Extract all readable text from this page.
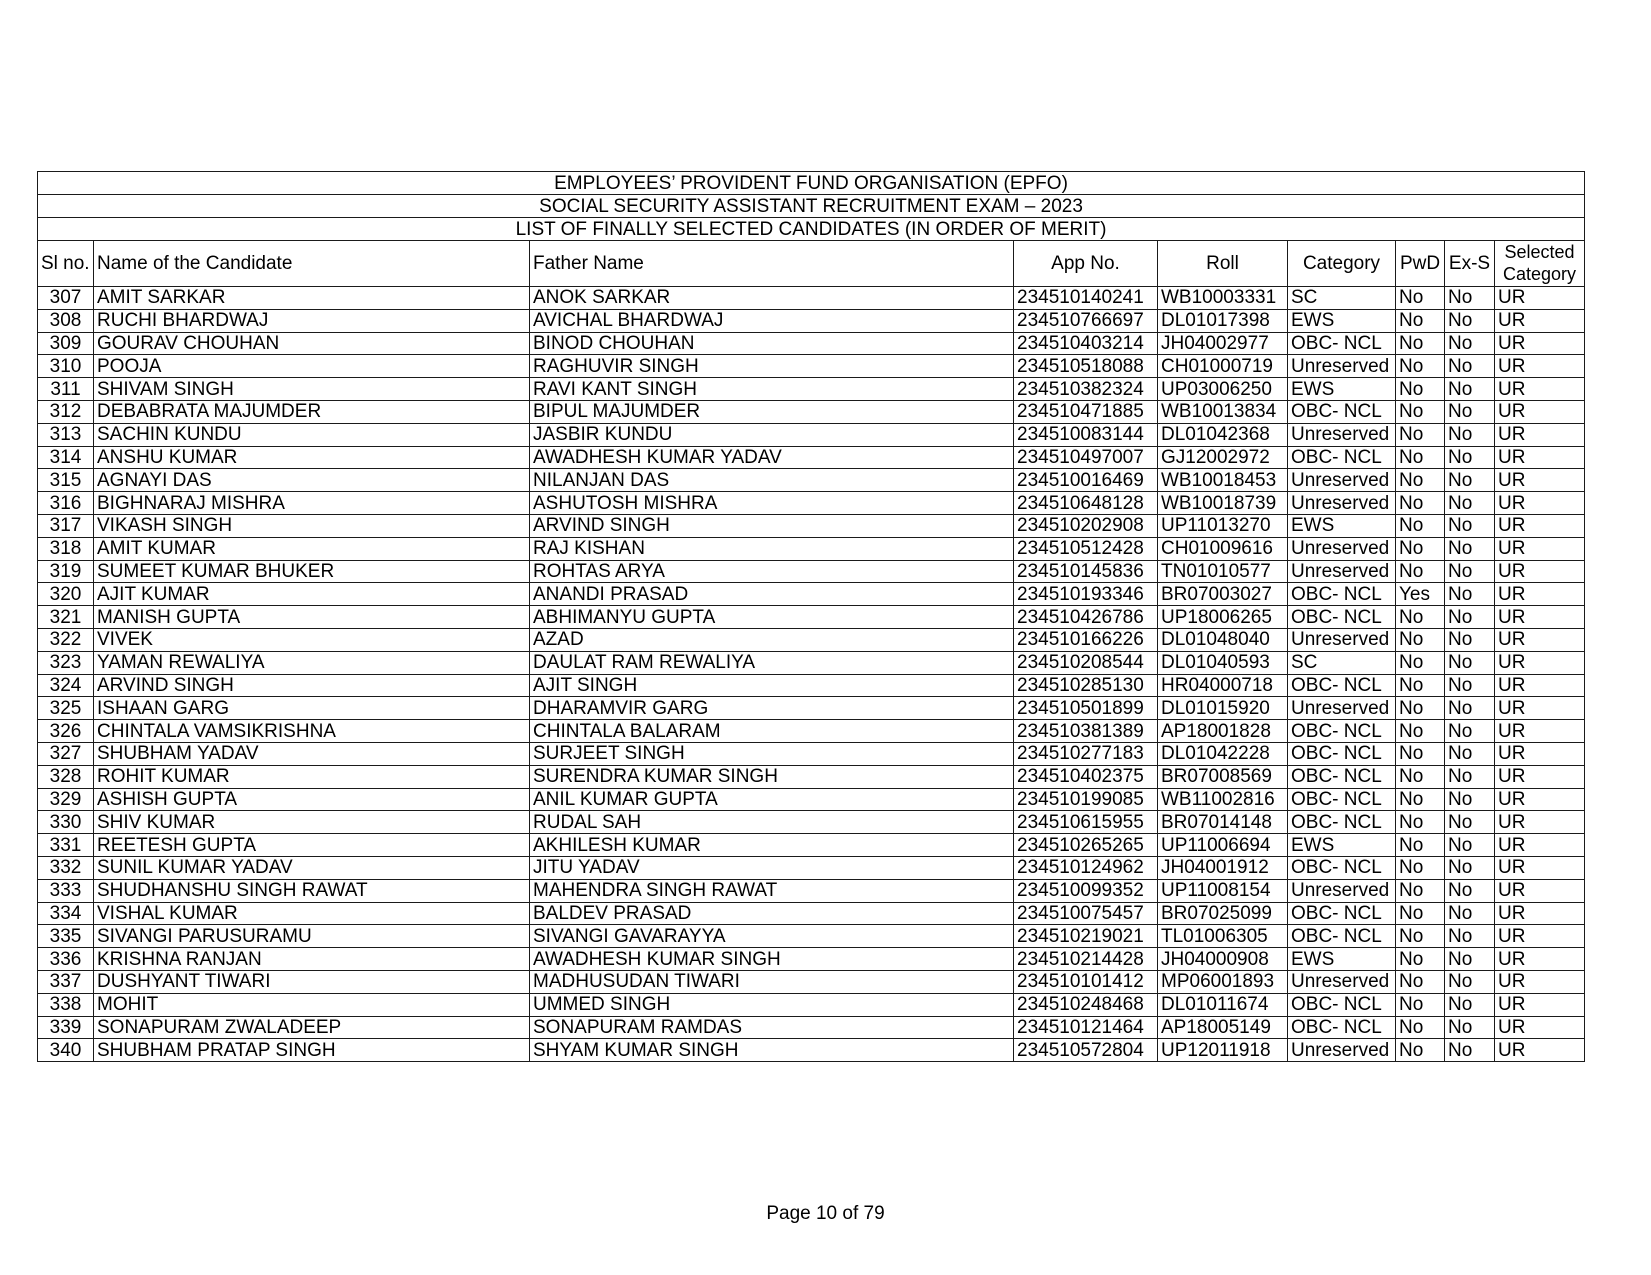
EMPLOYEES’ PROVIDENT FUND ORGANISATION (EPFO)								
SOCIAL SECURITY ASSISTANT RECRUITMENT EXAM – 2023								
LIST OF FINALLY SELECTED CANDIDATES (IN ORDER OF MERIT)								
Sl no.	Name of the Candidate	Father Name	App No.	Roll	Category	PwD	Ex-S	Selected
Category

307	AMIT SARKAR	ANOK SARKAR	234510140241	WB10003331	SC	No	No	UR
308	RUCHI BHARDWAJ	AVICHAL BHARDWAJ	234510766697	DL01017398	EWS	No	No	UR
309	GOURAV CHOUHAN	BINOD CHOUHAN	234510403214	JH04002977	OBC- NCL	No	No	UR
310	POOJA	RAGHUVIR SINGH	234510518088	CH01000719	Unreserved	No	No	UR
311	SHIVAM SINGH	RAVI KANT SINGH	234510382324	UP03006250	EWS	No	No	UR
312	DEBABRATA MAJUMDER	BIPUL MAJUMDER	234510471885	WB10013834	OBC- NCL	No	No	UR
313	SACHIN KUNDU	JASBIR KUNDU	234510083144	DL01042368	Unreserved	No	No	UR
314	ANSHU KUMAR	AWADHESH KUMAR YADAV	234510497007	GJ12002972	OBC- NCL	No	No	UR
315	AGNAYI DAS	NILANJAN DAS	234510016469	WB10018453	Unreserved	No	No	UR
316	BIGHNARAJ MISHRA	ASHUTOSH MISHRA	234510648128	WB10018739	Unreserved	No	No	UR
317	VIKASH SINGH	ARVIND SINGH	234510202908	UP11013270	EWS	No	No	UR
318	AMIT KUMAR	RAJ KISHAN	234510512428	CH01009616	Unreserved	No	No	UR
319	SUMEET KUMAR BHUKER	ROHTAS ARYA	234510145836	TN01010577	Unreserved	No	No	UR
320	AJIT KUMAR	ANANDI PRASAD	234510193346	BR07003027	OBC- NCL	Yes	No	UR
321	MANISH GUPTA	ABHIMANYU GUPTA	234510426786	UP18006265	OBC- NCL	No	No	UR
322	VIVEK	AZAD	234510166226	DL01048040	Unreserved	No	No	UR
323	YAMAN REWALIYA	DAULAT RAM REWALIYA	234510208544	DL01040593	SC	No	No	UR
324	ARVIND SINGH	AJIT SINGH	234510285130	HR04000718	OBC- NCL	No	No	UR
325	ISHAAN GARG	DHARAMVIR GARG	234510501899	DL01015920	Unreserved	No	No	UR
326	CHINTALA VAMSIKRISHNA	CHINTALA BALARAM	234510381389	AP18001828	OBC- NCL	No	No	UR
327	SHUBHAM YADAV	SURJEET SINGH	234510277183	DL01042228	OBC- NCL	No	No	UR
328	ROHIT KUMAR	SURENDRA KUMAR SINGH	234510402375	BR07008569	OBC- NCL	No	No	UR
329	ASHISH GUPTA	ANIL KUMAR GUPTA	234510199085	WB11002816	OBC- NCL	No	No	UR
330	SHIV KUMAR	RUDAL SAH	234510615955	BR07014148	OBC- NCL	No	No	UR
331	REETESH GUPTA	AKHILESH KUMAR	234510265265	UP11006694	EWS	No	No	UR
332	SUNIL KUMAR YADAV	JITU YADAV	234510124962	JH04001912	OBC- NCL	No	No	UR
333	SHUDHANSHU SINGH RAWAT	MAHENDRA SINGH RAWAT	234510099352	UP11008154	Unreserved	No	No	UR
334	VISHAL KUMAR	BALDEV PRASAD	234510075457	BR07025099	OBC- NCL	No	No	UR
335	SIVANGI PARUSURAMU	SIVANGI GAVARAYYA	234510219021	TL01006305	OBC- NCL	No	No	UR
336	KRISHNA RANJAN	AWADHESH KUMAR SINGH	234510214428	JH04000908	EWS	No	No	UR
337	DUSHYANT TIWARI	MADHUSUDAN TIWARI	234510101412	MP06001893	Unreserved	No	No	UR
338	MOHIT	UMMED SINGH	234510248468	DL01011674	OBC- NCL	No	No	UR
339	SONAPURAM ZWALADEEP	SONAPURAM RAMDAS	234510121464	AP18005149	OBC- NCL	No	No	UR
340	SHUBHAM PRATAP SINGH	SHYAM KUMAR SINGH	234510572804	UP12011918	Unreserved	No	No	UR
Page 10 of 79
